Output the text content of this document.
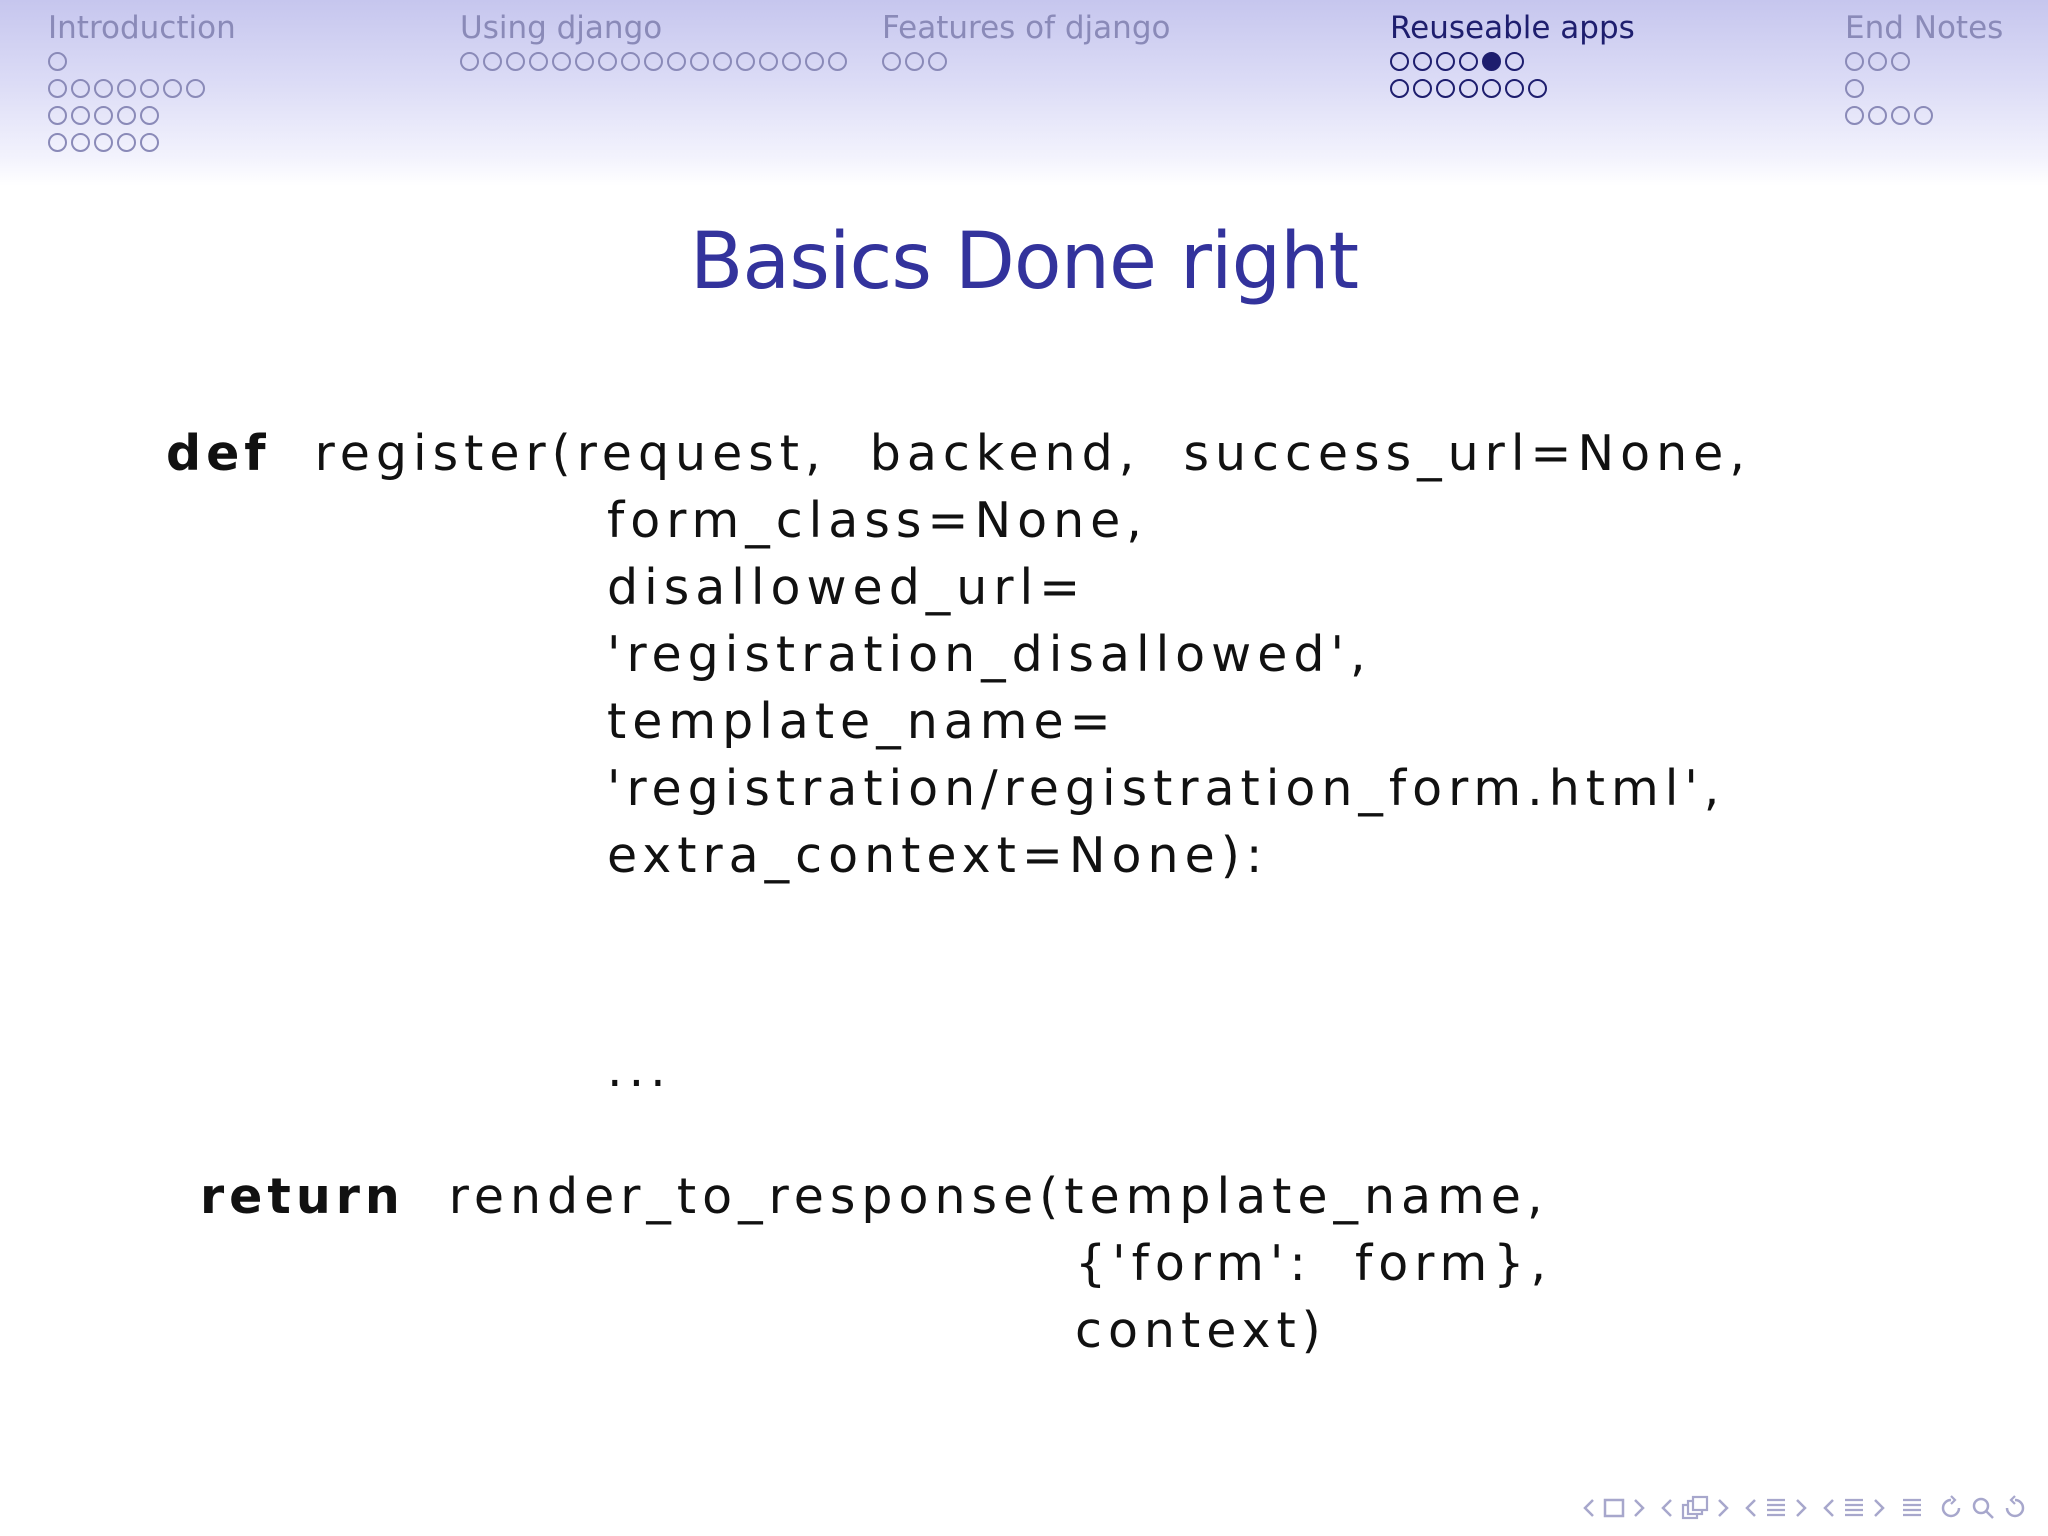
Introduction	Using django	Features of django	Reuseable apps	End Notes
Basics Done right
def register(request,  backend,  success_url=None,
form_class=None,
disallowed_url=
'registration_disallowed',
template_name=
'registration/registration_form.html',
extra_context=None):
...
return render_to_response(template_name,
{'form':  form},
context)
